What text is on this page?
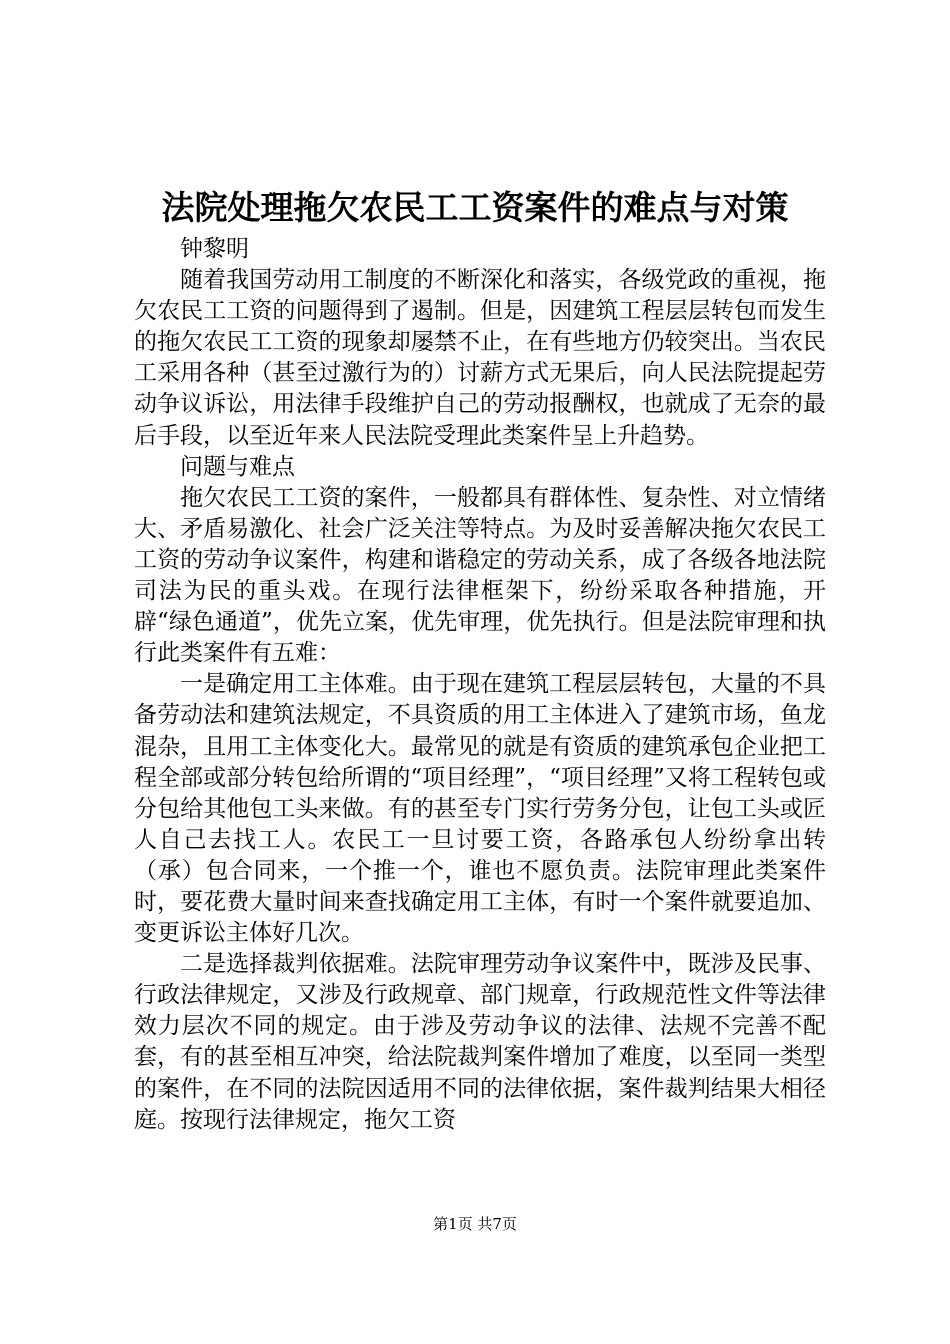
法院处理拖欠农民工工资案件的难点与对策

钟黎明

随着我国劳动用工制度的不断深化和落实，各级党政的重视，拖欠农民工工资的问题得到了遏制。但是，因建筑工程层层转包而发生的拖欠农民工工资的现象却屡禁不止，在有些地方仍较突出。当农民工采用各种（甚至过激行为的）讨薪方式无果后，向人民法院提起劳动争议诉讼，用法律手段维护自己的劳动报酬权，也就成了无奈的最后手段，以至近年来人民法院受理此类案件呈上升趋势。

问题与难点

拖欠农民工工资的案件，一般都具有群体性、复杂性、对立情绪大、矛盾易激化、社会广泛关注等特点。为及时妥善解决拖欠农民工工资的劳动争议案件，构建和谐稳定的劳动关系，成了各级各地法院司法为民的重头戏。在现行法律框架下，纷纷采取各种措施，开辟“绿色通道”，优先立案，优先审理，优先执行。但是法院审理和执行此类案件有五难：

一是确定用工主体难。由于现在建筑工程层层转包，大量的不具备劳动法和建筑法规定，不具资质的用工主体进入了建筑市场，鱼龙混杂，且用工主体变化大。最常见的就是有资质的建筑承包企业把工程全部或部分转包给所谓的“项目经理”，“项目经理”又将工程转包或分包给其他包工头来做。有的甚至专门实行劳务分包，让包工头或匠人自己去找工人。农民工一旦讨要工资，各路承包人纷纷拿出转（承）包合同来，一个推一个，谁也不愿负责。法院审理此类案件时，要花费大量时间来查找确定用工主体，有时一个案件就要追加、变更诉讼主体好几次。

二是选择裁判依据难。法院审理劳动争议案件中，既涉及民事、行政法律规定，又涉及行政规章、部门规章，行政规范性文件等法律效力层次不同的规定。由于涉及劳动争议的法律、法规不完善不配套，有的甚至相互冲突，给法院裁判案件增加了难度，以至同一类型的案件，在不同的法院因适用不同的法律依据，案件裁判结果大相径庭。按现行法律规定，拖欠工资

第1页 共7页
